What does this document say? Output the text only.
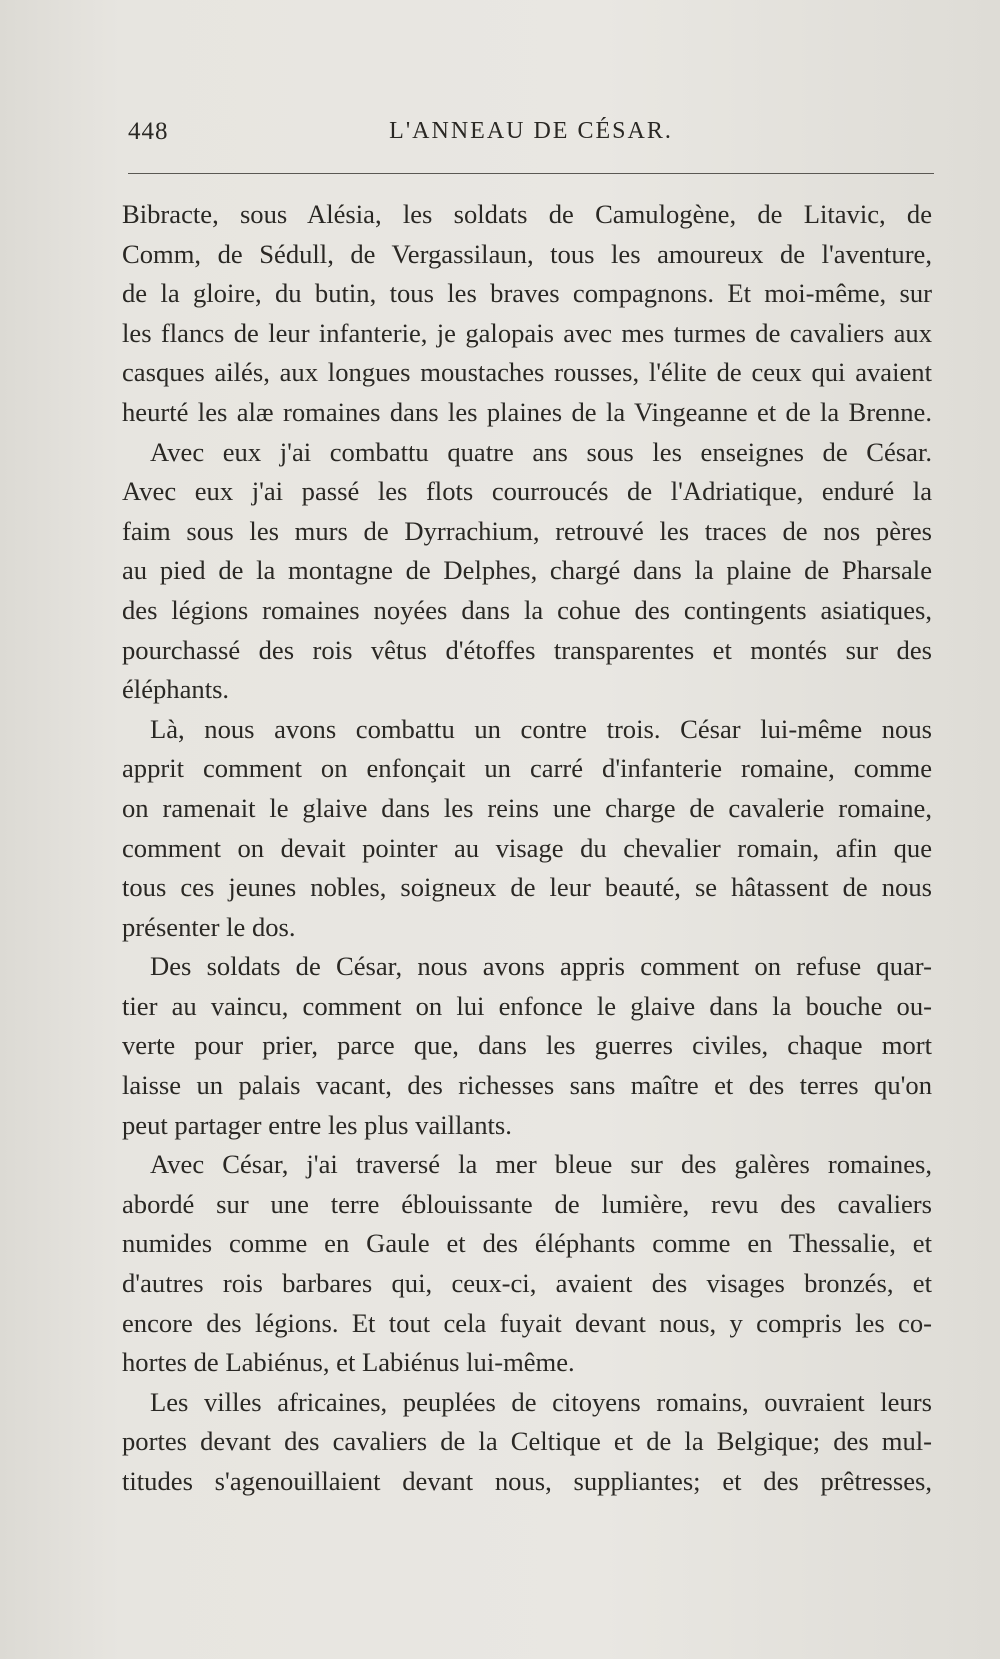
448	L'ANNEAU DE CÉSAR.
Bibracte, sous Alésia, les soldats de Camulogène, de Litavic, de
Comm, de Sédull, de Vergassilaun, tous les amoureux de l'aventure,
de la gloire, du butin, tous les braves compagnons. Et moi-même, sur
les flancs de leur infanterie, je galopais avec mes turmes de cavaliers aux
casques ailés, aux longues moustaches rousses, l'élite de ceux qui avaient
heurté les alæ romaines dans les plaines de la Vingeanne et de la Brenne.
Avec eux j'ai combattu quatre ans sous les enseignes de César.
Avec eux j'ai passé les flots courroucés de l'Adriatique, enduré la
faim sous les murs de Dyrrachium, retrouvé les traces de nos pères
au pied de la montagne de Delphes, chargé dans la plaine de Pharsale
des légions romaines noyées dans la cohue des contingents asiatiques,
pourchassé des rois vêtus d'étoffes transparentes et montés sur des
éléphants.
Là, nous avons combattu un contre trois. César lui-même nous
apprit comment on enfonçait un carré d'infanterie romaine, comme
on ramenait le glaive dans les reins une charge de cavalerie romaine,
comment on devait pointer au visage du chevalier romain, afin que
tous ces jeunes nobles, soigneux de leur beauté, se hâtassent de nous
présenter le dos.
Des soldats de César, nous avons appris comment on refuse quar-
tier au vaincu, comment on lui enfonce le glaive dans la bouche ou-
verte pour prier, parce que, dans les guerres civiles, chaque mort
laisse un palais vacant, des richesses sans maître et des terres qu'on
peut partager entre les plus vaillants.
Avec César, j'ai traversé la mer bleue sur des galères romaines,
abordé sur une terre éblouissante de lumière, revu des cavaliers
numides comme en Gaule et des éléphants comme en Thessalie, et
d'autres rois barbares qui, ceux-ci, avaient des visages bronzés, et
encore des légions. Et tout cela fuyait devant nous, y compris les co-
hortes de Labiénus, et Labiénus lui-même.
Les villes africaines, peuplées de citoyens romains, ouvraient leurs
portes devant des cavaliers de la Celtique et de la Belgique; des mul-
titudes s'agenouillaient devant nous, suppliantes; et des prêtresses,
